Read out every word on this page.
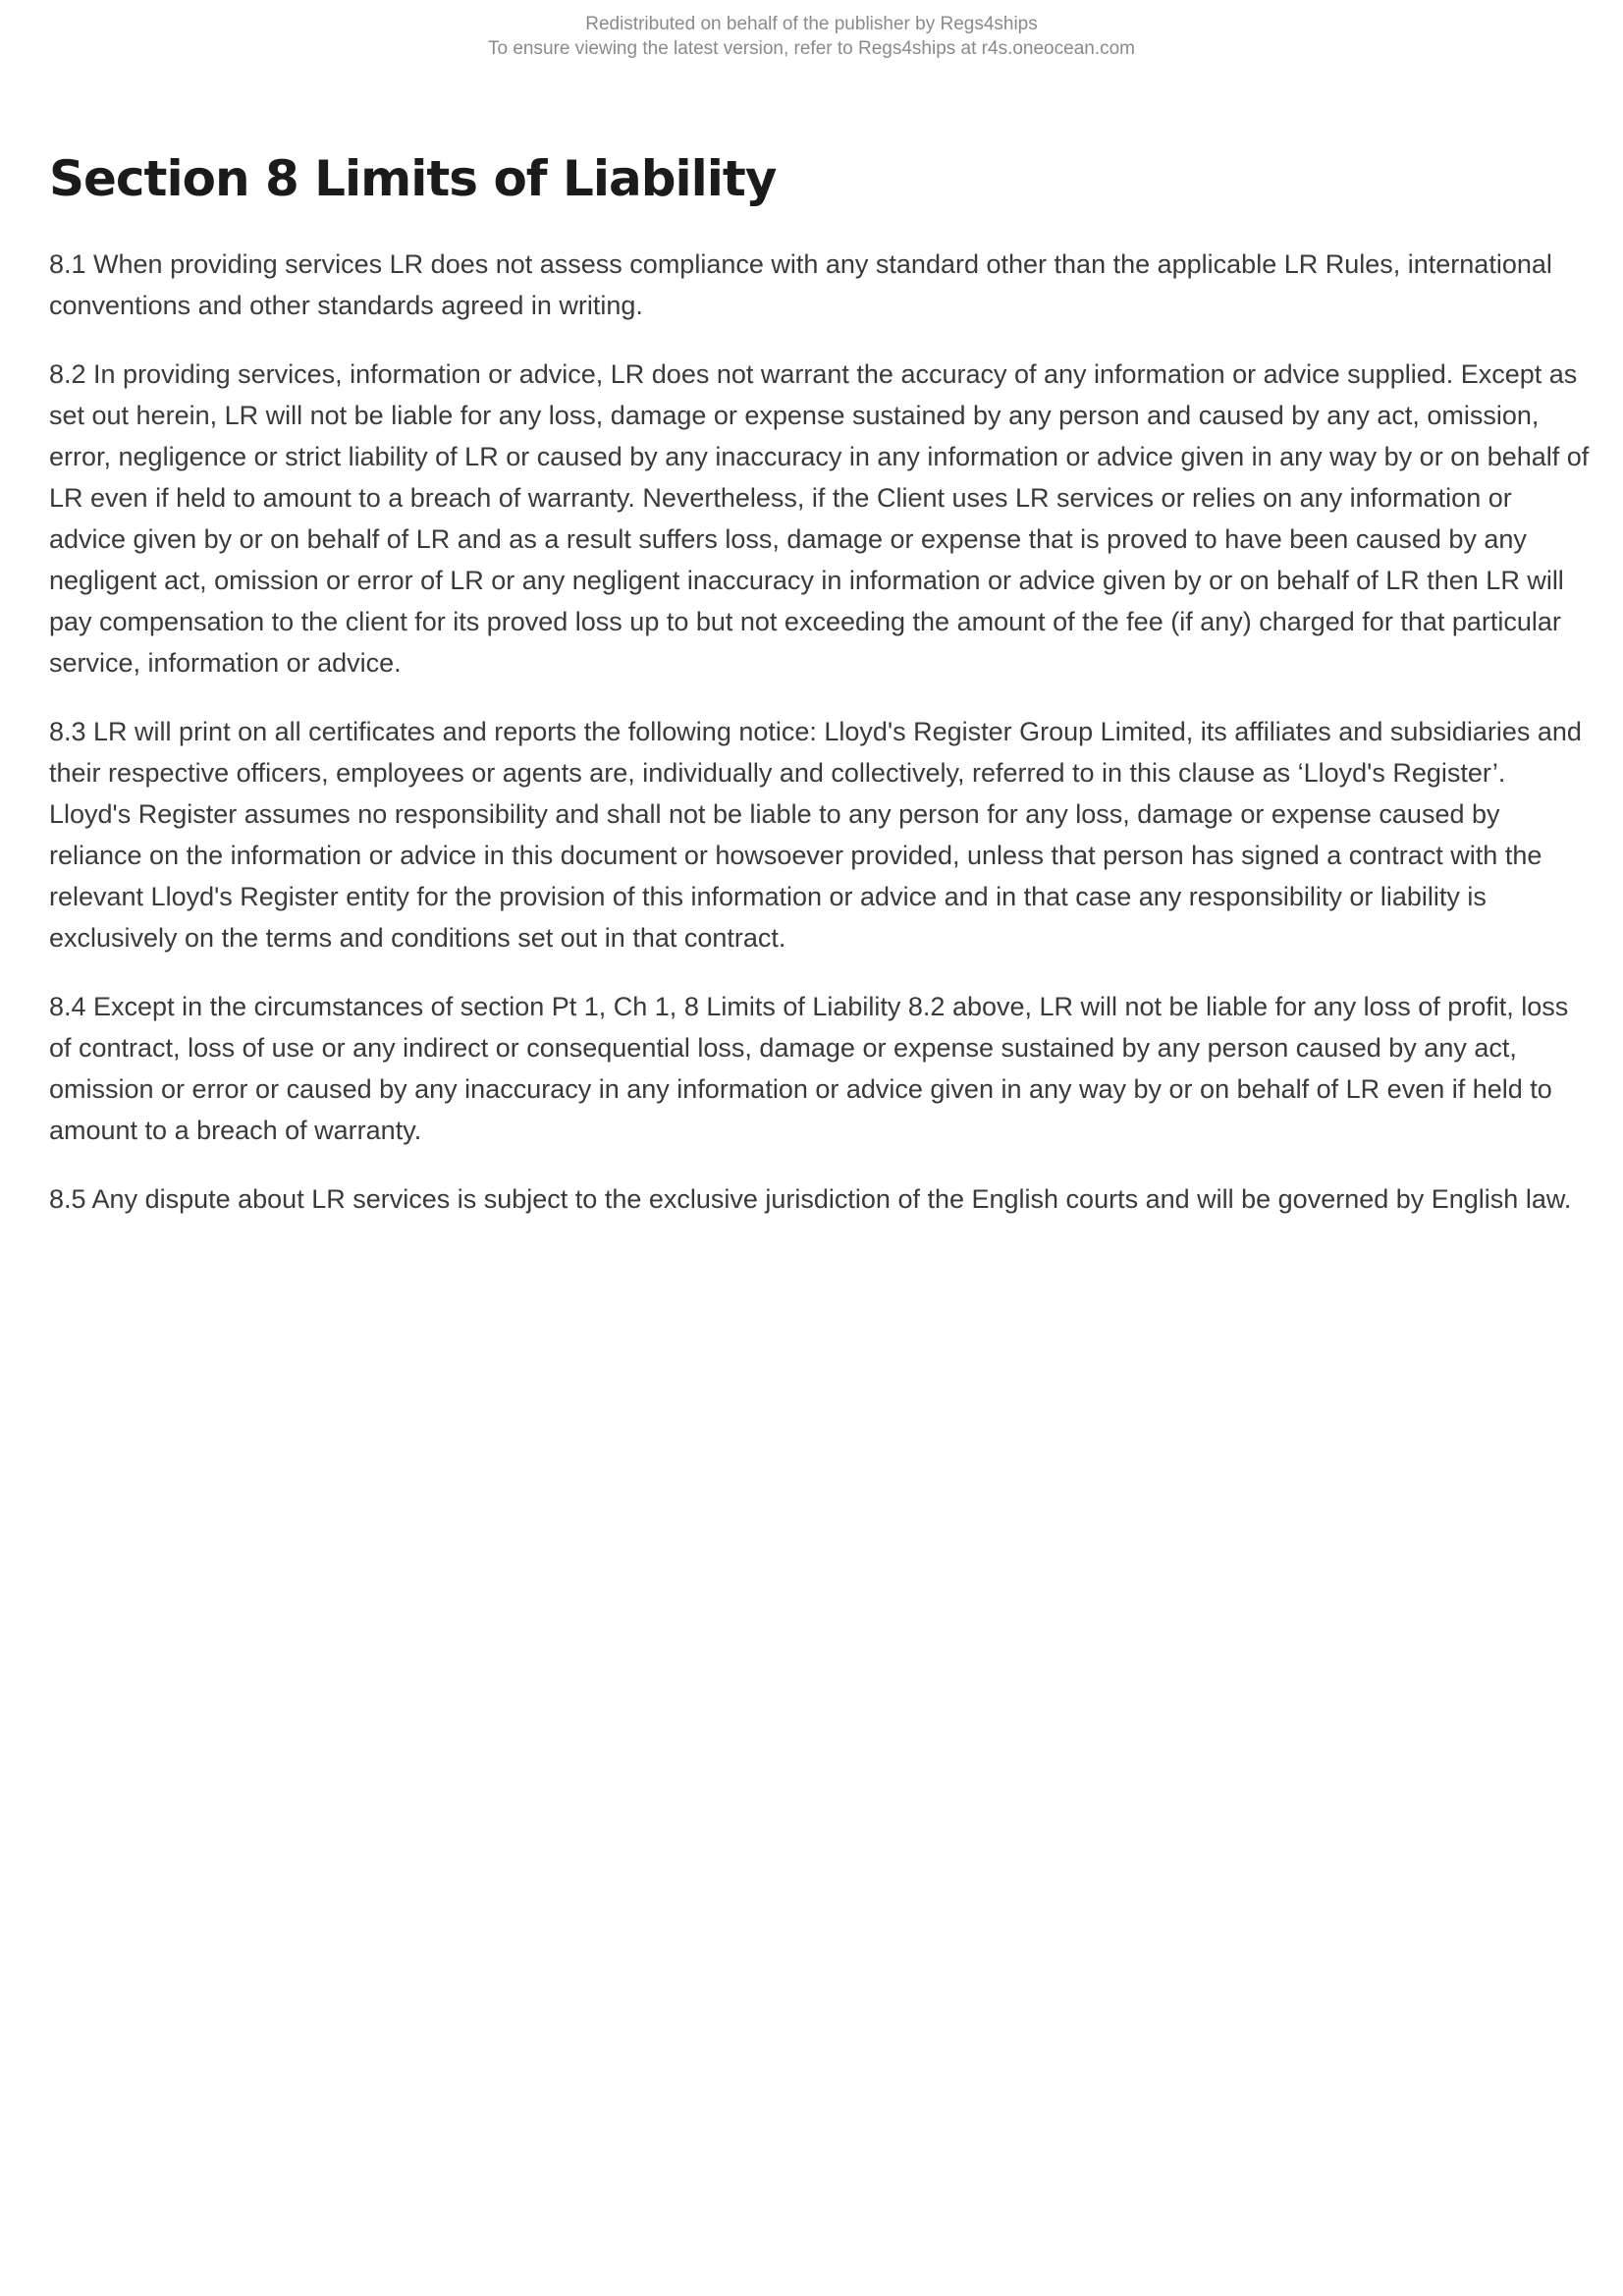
Redistributed on behalf of the publisher by Regs4ships
To ensure viewing the latest version, refer to Regs4ships at r4s.oneocean.com
Section 8 Limits of Liability

8.1 When providing services LR does not assess compliance with any standard other than the applicable LR Rules, international conventions and other standards agreed in writing.

8.2 In providing services, information or advice, LR does not warrant the accuracy of any information or advice supplied. Except as set out herein, LR will not be liable for any loss, damage or expense sustained by any person and caused by any act, omission, error, negligence or strict liability of LR or caused by any inaccuracy in any information or advice given in any way by or on behalf of LR even if held to amount to a breach of warranty. Nevertheless, if the Client uses LR services or relies on any information or advice given by or on behalf of LR and as a result suffers loss, damage or expense that is proved to have been caused by any negligent act, omission or error of LR or any negligent inaccuracy in information or advice given by or on behalf of LR then LR will pay compensation to the client for its proved loss up to but not exceeding the amount of the fee (if any) charged for that particular service, information or advice.

8.3 LR will print on all certificates and reports the following notice: Lloyd's Register Group Limited, its affiliates and subsidiaries and their respective officers, employees or agents are, individually and collectively, referred to in this clause as ‘Lloyd's Register’. Lloyd's Register assumes no responsibility and shall not be liable to any person for any loss, damage or expense caused by reliance on the information or advice in this document or howsoever provided, unless that person has signed a contract with the relevant Lloyd's Register entity for the provision of this information or advice and in that case any responsibility or liability is exclusively on the terms and conditions set out in that contract.

8.4 Except in the circumstances of section Pt 1, Ch 1, 8 Limits of Liability 8.2 above, LR will not be liable for any loss of profit, loss of contract, loss of use or any indirect or consequential loss, damage or expense sustained by any person caused by any act, omission or error or caused by any inaccuracy in any information or advice given in any way by or on behalf of LR even if held to amount to a breach of warranty.

8.5 Any dispute about LR services is subject to the exclusive jurisdiction of the English courts and will be governed by English law.
